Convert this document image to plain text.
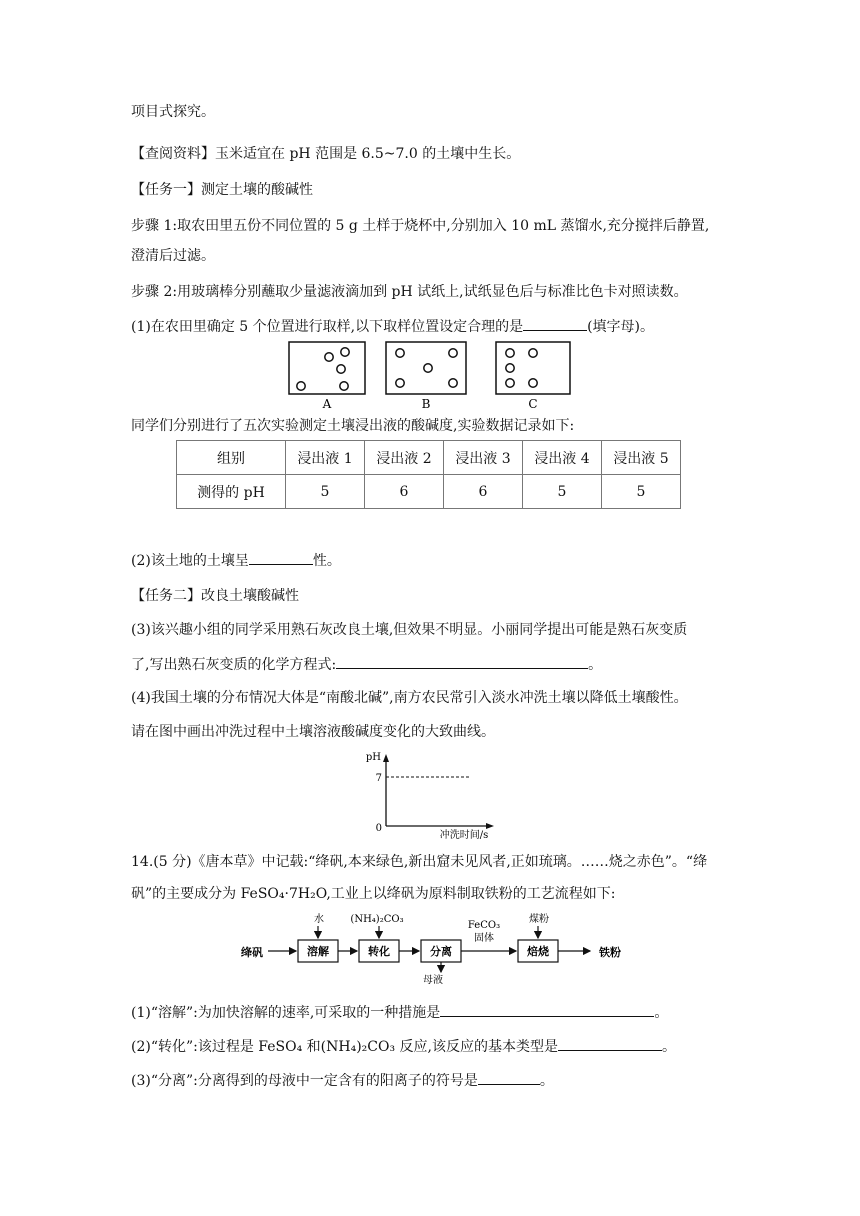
项目式探究。
【查阅资料】玉米适宜在 pH 范围是 6.5~7.0 的土壤中生长。
【任务一】测定土壤的酸碱性
步骤 1:取农田里五份不同位置的 5 g 土样于烧杯中,分别加入 10 mL 蒸馏水,充分搅拌后静置,
澄清后过滤。
步骤 2:用玻璃棒分别蘸取少量滤液滴加到 pH 试纸上,试纸显色后与标准比色卡对照读数。
(1)在农田里确定 5 个位置进行取样,以下取样位置设定合理的是	(填字母)。
A	B	C
同学们分别进行了五次实验测定土壤浸出液的酸碱度,实验数据记录如下:
组别	浸出液 1	浸出液 2	浸出液 3	浸出液 4	浸出液 5
测得的 pH	5	6	6	5	5
(2)该土地的土壤呈	性。
【任务二】改良土壤酸碱性
(3)该兴趣小组的同学采用熟石灰改良土壤,但效果不明显。小丽同学提出可能是熟石灰变质
了,写出熟石灰变质的化学方程式:	。
(4)我国土壤的分布情况大体是“南酸北碱”,南方农民常引入淡水冲洗土壤以降低土壤酸性。
请在图中画出冲洗过程中土壤溶液酸碱度变化的大致曲线。
pH
7
0
冲洗时间/s
14.(5 分)《唐本草》中记载:“绛矾,本来绿色,新出窟未见风者,正如琉璃。……烧之赤色”。“绛
矾”的主要成分为 FeSO₄·7H₂O,工业上以绛矾为原料制取铁粉的工艺流程如下:
绛矾
水	(NH₄)₂CO₃
FeCO₃
固体
煤粉
母液
铁粉
溶解	转化	分离	焙烧
(1)“溶解”:为加快溶解的速率,可采取的一种措施是	。
(2)“转化”:该过程是 FeSO₄ 和(NH₄)₂CO₃ 反应,该反应的基本类型是	。
(3)“分离”:分离得到的母液中一定含有的阳离子的符号是	。
